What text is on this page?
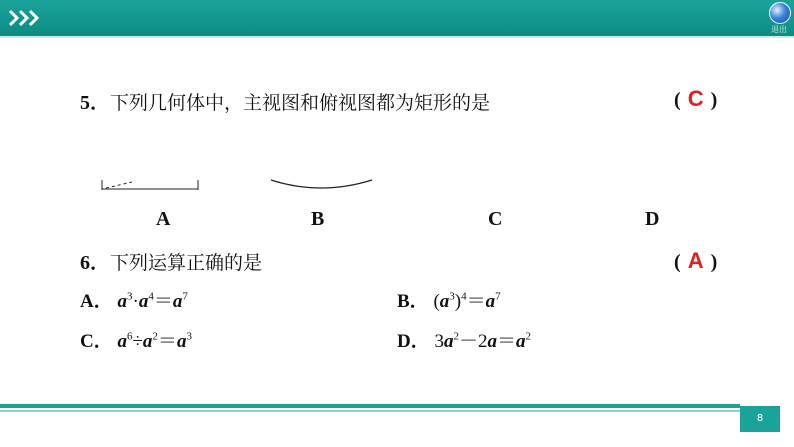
退出
5．下列几何体中，主视图和俯视图都为矩形的是	( C )
A	B	C	D
6．下列运算正确的是	( A )
A． $a^3\cdot a^4=a^7$	B． $(a^3)^4=a^7$
C． $a^6\div a^2=a^3$	D． $3a^2-2a=a^2$
8
